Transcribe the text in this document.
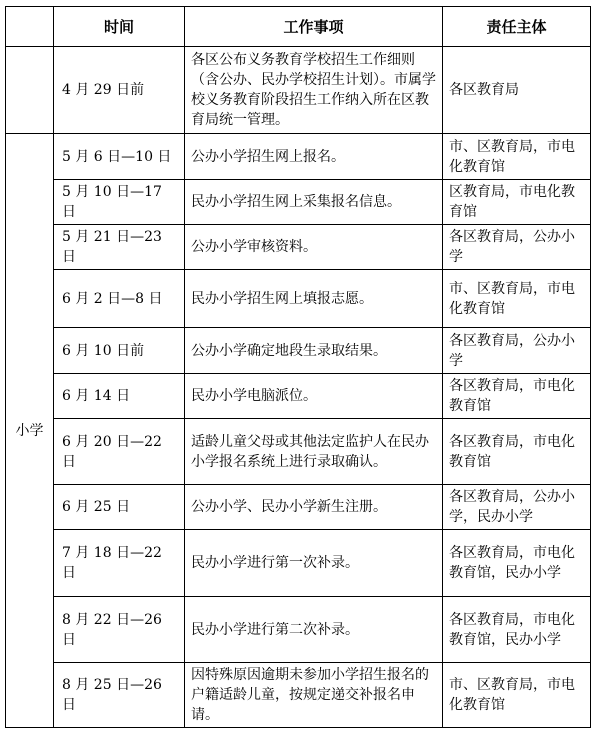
	时间	工作事项	责任主体
	4 月 29 日前	各区公布义务教育学校招生工作细则（含公办、民办学校招生计划）。市属学校义务教育阶段招生工作纳入所在区教育局统一管理。	各区教育局
小学	5 月 6 日—10 日	公办小学招生网上报名。	市、区教育局，市电化教育馆
	5 月 10 日—17 日	民办小学招生网上采集报名信息。	区教育局，市电化教育馆
	5 月 21 日—23 日	公办小学审核资料。	各区教育局，公办小学
	6 月 2 日—8 日	民办小学招生网上填报志愿。	市、区教育局，市电化教育馆
	6 月 10 日前	公办小学确定地段生录取结果。	各区教育局，公办小学
	6 月 14 日	民办小学电脑派位。	各区教育局，市电化教育馆
	6 月 20 日—22 日	适龄儿童父母或其他法定监护人在民办小学报名系统上进行录取确认。	各区教育局，市电化教育馆
	6 月 25 日	公办小学、民办小学新生注册。	各区教育局，公办小学，民办小学
	7 月 18 日—22 日	民办小学进行第一次补录。	各区教育局，市电化教育馆，民办小学
	8 月 22 日—26 日	民办小学进行第二次补录。	各区教育局，市电化教育馆，民办小学
	8 月 25 日—26 日	因特殊原因逾期未参加小学招生报名的户籍适龄儿童，按规定递交补报名申请。	市、区教育局，市电化教育馆
